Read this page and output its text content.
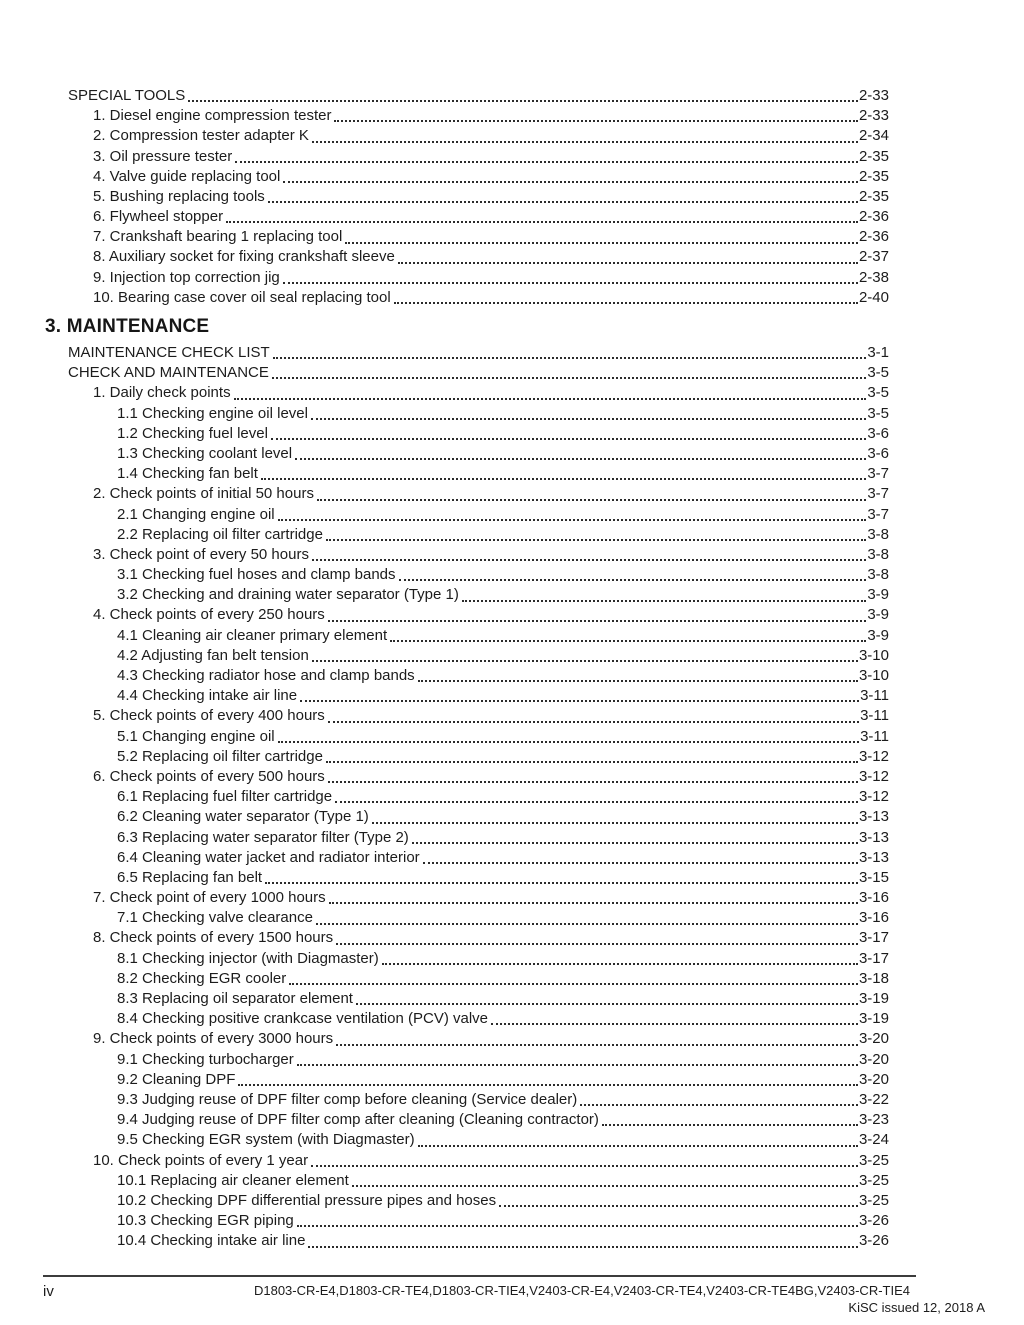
SPECIAL TOOLS	2-33
1. Diesel engine compression tester	2-33
2. Compression tester adapter K	2-34
3. Oil pressure tester	2-35
4. Valve guide replacing tool	2-35
5. Bushing replacing tools	2-35
6. Flywheel stopper	2-36
7. Crankshaft bearing 1 replacing tool	2-36
8. Auxiliary socket for fixing crankshaft sleeve	2-37
9. Injection top correction jig	2-38
10. Bearing case cover oil seal replacing tool	2-40
3. MAINTENANCE
MAINTENANCE CHECK LIST	3-1
CHECK AND MAINTENANCE	3-5
1. Daily check points	3-5
1.1 Checking engine oil level	3-5
1.2 Checking fuel level	3-6
1.3 Checking coolant level	3-6
1.4 Checking fan belt	3-7
2. Check points of initial 50 hours	3-7
2.1 Changing engine oil	3-7
2.2 Replacing oil filter cartridge	3-8
3. Check point of every 50 hours	3-8
3.1 Checking fuel hoses and clamp bands	3-8
3.2 Checking and draining water separator (Type 1)	3-9
4. Check points of every 250 hours	3-9
4.1 Cleaning air cleaner primary element	3-9
4.2 Adjusting fan belt tension	3-10
4.3 Checking radiator hose and clamp bands	3-10
4.4 Checking intake air line	3-11
5. Check points of every 400 hours	3-11
5.1 Changing engine oil	3-11
5.2 Replacing oil filter cartridge	3-12
6. Check points of every 500 hours	3-12
6.1 Replacing fuel filter cartridge	3-12
6.2 Cleaning water separator (Type 1)	3-13
6.3 Replacing water separator filter (Type 2)	3-13
6.4 Cleaning water jacket and radiator interior	3-13
6.5 Replacing fan belt	3-15
7. Check point of every 1000 hours	3-16
7.1 Checking valve clearance	3-16
8. Check points of every 1500 hours	3-17
8.1 Checking injector (with Diagmaster)	3-17
8.2 Checking EGR cooler	3-18
8.3 Replacing oil separator element	3-19
8.4 Checking positive crankcase ventilation (PCV) valve	3-19
9. Check points of every 3000 hours	3-20
9.1 Checking turbocharger	3-20
9.2 Cleaning DPF	3-20
9.3 Judging reuse of DPF filter comp before cleaning (Service dealer)	3-22
9.4 Judging reuse of DPF filter comp after cleaning (Cleaning contractor)	3-23
9.5 Checking EGR system (with Diagmaster)	3-24
10. Check points of every 1 year	3-25
10.1 Replacing air cleaner element	3-25
10.2 Checking DPF differential pressure pipes and hoses	3-25
10.3 Checking EGR piping	3-26
10.4 Checking intake air line	3-26
iv	D1803-CR-E4,D1803-CR-TE4,D1803-CR-TIE4,V2403-CR-E4,V2403-CR-TE4,V2403-CR-TE4BG,V2403-CR-TIE4
KiSC issued 12, 2018 A
